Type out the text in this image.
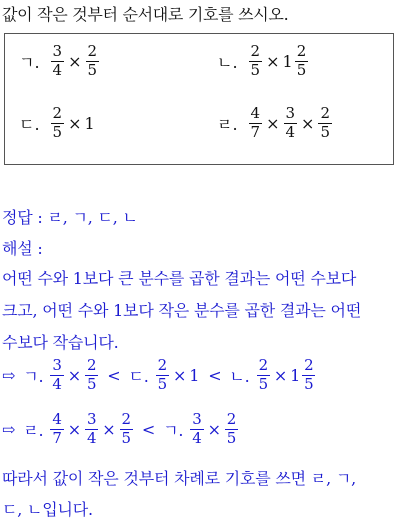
값이 작은 것부터 순서대로 기호를 쓰시오.
ㄱ. $\frac{3}{4} \times \frac{2}{5}$	ㄴ. $\frac{2}{5} \times 1 \frac{2}{5}$
ㄷ. $\frac{2}{5} \times 1$	ㄹ. $\frac{4}{7} \times \frac{3}{4} \times \frac{2}{5}$
정답 : ㄹ, ㄱ, ㄷ, ㄴ
해설 :
어떤 수와 1보다 큰 분수를 곱한 결과는 어떤 수보다
크고, 어떤 수와 1보다 작은 분수를 곱한 결과는 어떤
수보다 작습니다.
⇨ ㄱ. $\frac{3}{4} \times \frac{2}{5}$ < ㄷ. $\frac{2}{5} \times 1$ < ㄴ. $\frac{2}{5} \times 1 \frac{2}{5}$
⇨ ㄹ. $\frac{4}{7} \times \frac{3}{4} \times \frac{2}{5}$ < ㄱ. $\frac{3}{4} \times \frac{2}{5}$
따라서 값이 작은 것부터 차례로 기호를 쓰면 ㄹ, ㄱ,
ㄷ, ㄴ입니다.
